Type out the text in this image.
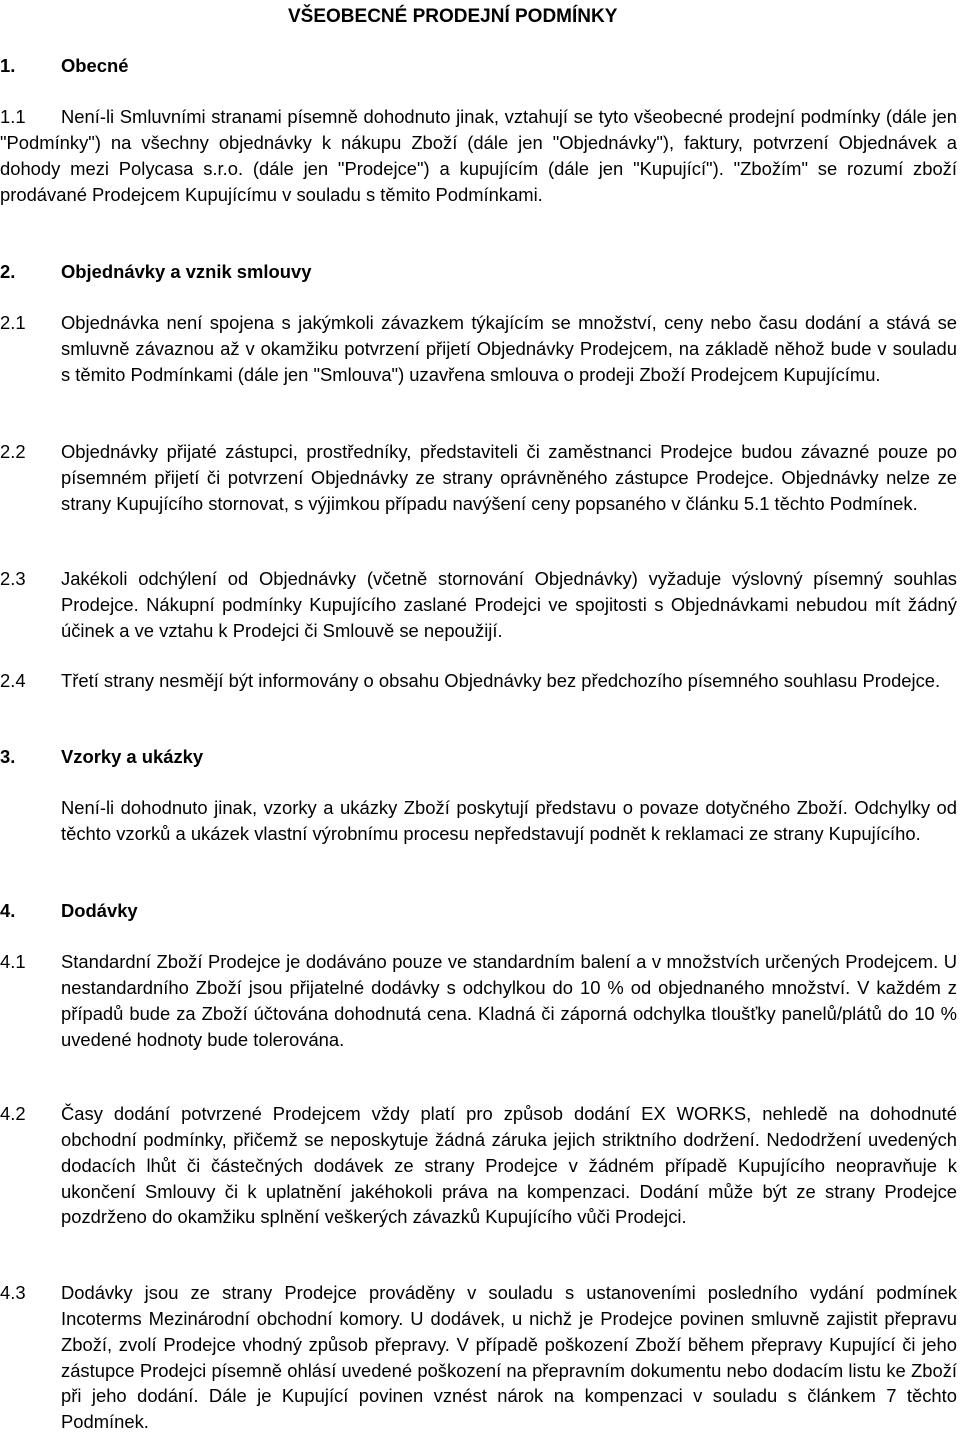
VŠEOBECNÉ PRODEJNÍ PODMÍNKY
1. Obecné
1.1	Není-li Smluvními stranami písemně dohodnuto jinak, vztahují se tyto všeobecné prodejní podmínky (dále jen "Podmínky") na všechny objednávky k nákupu Zboží (dále jen "Objednávky"), faktury, potvrzení Objednávek a dohody mezi Polycasa s.r.o. (dále jen "Prodejce") a kupujícím (dále jen "Kupující"). "Zbožím" se rozumí zboží prodávané Prodejcem Kupujícímu v souladu s těmito Podmínkami.
2. Objednávky a vznik smlouvy
2.1 Objednávka není spojena s jakýmkoli závazkem týkajícím se množství, ceny nebo času dodání a stává se smluvně závaznou až v okamžiku potvrzení přijetí Objednávky Prodejcem, na základě něhož bude v souladu s těmito Podmínkami (dále jen "Smlouva") uzavřena smlouva o prodeji Zboží Prodejcem Kupujícímu.
2.2 Objednávky přijaté zástupci, prostředníky, představiteli či zaměstnanci Prodejce budou závazné pouze po písemném přijetí či potvrzení Objednávky ze strany oprávněného zástupce Prodejce. Objednávky nelze ze strany Kupujícího stornovat, s výjimkou případu navýšení ceny popsaného v článku 5.1 těchto Podmínek.
2.3 Jakékoli odchýlení od Objednávky (včetně stornování Objednávky) vyžaduje výslovný písemný souhlas Prodejce. Nákupní podmínky Kupujícího zaslané Prodejci ve spojitosti s Objednávkami nebudou mít žádný účinek a ve vztahu k Prodejci či Smlouvě se nepoužijí.
2.4 Třetí strany nesmějí být informovány o obsahu Objednávky bez předchozího písemného souhlasu Prodejce.
3. Vzorky a ukázky
Není-li dohodnuto jinak, vzorky a ukázky Zboží poskytují představu o povaze dotyčného Zboží. Odchylky od těchto vzorků a ukázek vlastní výrobnímu procesu nepředstavují podnět k reklamaci ze strany Kupujícího.
4. Dodávky
4.1 Standardní Zboží Prodejce je dodáváno pouze ve standardním balení a v množstvích určených Prodejcem. U nestandardního Zboží jsou přijatelné dodávky s odchylkou do 10 % od objednaného množství. V každém z případů bude za Zboží účtována dohodnutá cena. Kladná či záporná odchylka tloušťky panelů/plátů do 10 % uvedené hodnoty bude tolerována.
4.2 Časy dodání potvrzené Prodejcem vždy platí pro způsob dodání EX WORKS, nehledě na dohodnuté obchodní podmínky, přičemž se neposkytuje žádná záruka jejich striktního dodržení. Nedodržení uvedených dodacích lhůt či částečných dodávek ze strany Prodejce v žádném případě Kupujícího neopravňuje k ukončení Smlouvy či k uplatnění jakéhokoli práva na kompenzaci. Dodání může být ze strany Prodejce pozdrženo do okamžiku splnění veškerých závazků Kupujícího vůči Prodejci.
4.3 Dodávky jsou ze strany Prodejce prováděny v souladu s ustanoveními posledního vydání podmínek Incoterms Mezinárodní obchodní komory. U dodávek, u nichž je Prodejce povinen smluvně zajistit přepravu Zboží, zvolí Prodejce vhodný způsob přepravy. V případě poškození Zboží během přepravy Kupující či jeho zástupce Prodejci písemně ohlásí uvedené poškození na přepravním dokumentu nebo dodacím listu ke Zboží při jeho dodání. Dále je Kupující povinen vznést nárok na kompenzaci v souladu s článkem 7 těchto Podmínek.
